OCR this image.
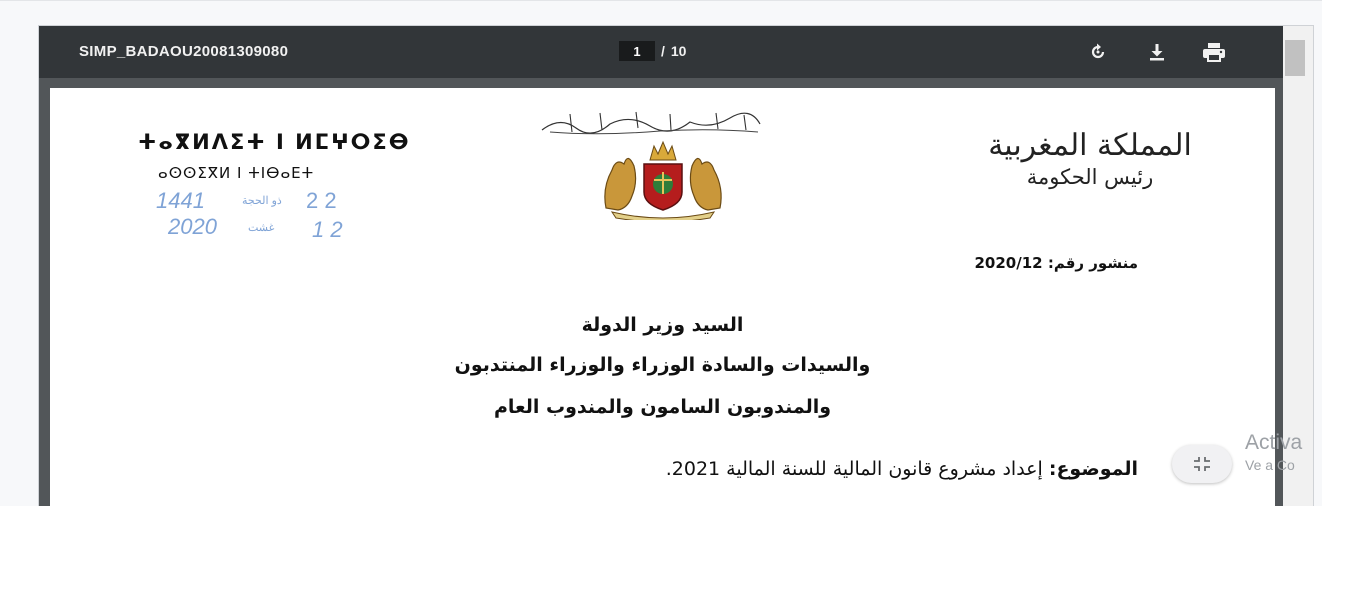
SIMP_BADAOU20081309080
1	/ 10
ⵜⴰⴳⵍⴷⵉⵜ ⵏ ⵍⵎⵖⵔⵉⴱ
ⴰⵙⵙⵉⴳⵍ ⵏ ⵜⵏⴱⴰⴹⵜ
1441	ذو الحجة 2 2
2020	غشت 1 2
المملكة المغربية
رئيس الحكومة
منشور رقم: 2020/12
السيد وزير الدولة
والسيدات والسادة الوزراء والوزراء المنتدبون
والمندوبون السامون والمندوب العام
الموضوع: إعداد مشروع قانون المالية للسنة المالية 2021.
Activa
Ve a Co
